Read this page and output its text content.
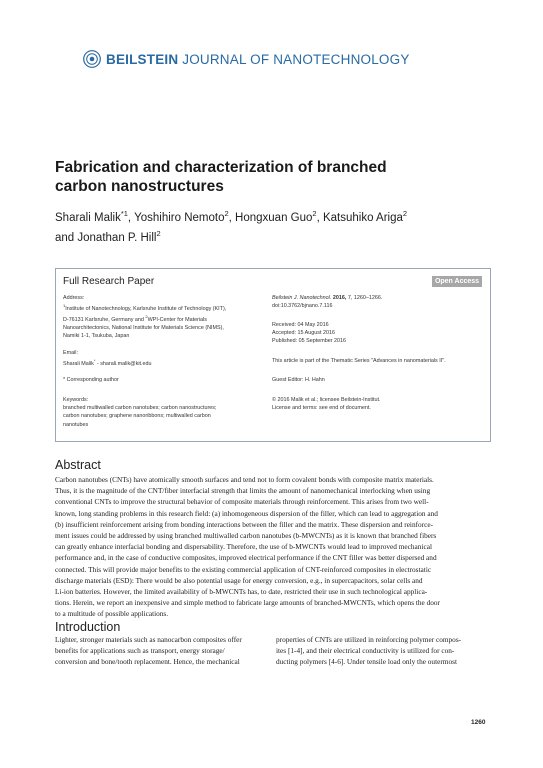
BEILSTEIN JOURNAL OF NANOTECHNOLOGY
Fabrication and characterization of branched
carbon nanostructures
Sharali Malik$^{*1}$, Yoshihiro Nemoto$^2$, Hongxuan Guo$^2$, Katsuhiko Ariga$^2$
and Jonathan P. Hill$^2$
Full Research Paper	Open Access
Address:
$^1$Institute of Nanotechnology, Karlsruhe Institute of Technology (KIT),
D-76131 Karlsruhe, Germany and $^2$WPI-Center for Materials
Nanoarchitectonics, National Institute for Materials Science (NIMS),
Namiki 1-1, Tsukuba, Japan
Email:
Sharali Malik* - sharali.malik@kit.edu
* Corresponding author
Keywords:
branched multiwalled carbon nanotubes; carbon nanostructures;
carbon nanotubes; graphene nanoribbons; multiwalled carbon
nanotubes
Beilstein J. Nanotechnol. 2016, 7, 1260–1266.
doi:10.3762/bjnano.7.116
Received: 04 May 2016
Accepted: 15 August 2016
Published: 05 September 2016
This article is part of the Thematic Series "Advances in nanomaterials II".
Guest Editor: H. Hahn
© 2016 Malik et al.; licensee Beilstein-Institut.
License and terms: see end of document.
Abstract
Carbon nanotubes (CNTs) have atomically smooth surfaces and tend not to form covalent bonds with composite matrix materials.
Thus, it is the magnitude of the CNT/fiber interfacial strength that limits the amount of nanomechanical interlocking when using
conventional CNTs to improve the structural behavior of composite materials through reinforcement. This arises from two well-
known, long standing problems in this research field: (a) inhomogeneous dispersion of the filler, which can lead to aggregation and
(b) insufficient reinforcement arising from bonding interactions between the filler and the matrix. These dispersion and reinforce-
ment issues could be addressed by using branched multiwalled carbon nanotubes (b-MWCNTs) as it is known that branched fibers
can greatly enhance interfacial bonding and dispersability. Therefore, the use of b-MWCNTs would lead to improved mechanical
performance and, in the case of conductive composites, improved electrical performance if the CNT filler was better dispersed and
connected. This will provide major benefits to the existing commercial application of CNT-reinforced composites in electrostatic
discharge materials (ESD): There would be also potential usage for energy conversion, e.g., in supercapacitors, solar cells and
Li-ion batteries. However, the limited availability of b-MWCNTs has, to date, restricted their use in such technological applica-
tions. Herein, we report an inexpensive and simple method to fabricate large amounts of branched-MWCNTs, which opens the door
to a multitude of possible applications.
Introduction
Lighter, stronger materials such as nanocarbon composites offer
benefits for applications such as transport, energy storage/
conversion and bone/tooth replacement. Hence, the mechanical
properties of CNTs are utilized in reinforcing polymer compos-
ites [1-4], and their electrical conductivity is utilized for con-
ducting polymers [4-6]. Under tensile load only the outermost
1260
